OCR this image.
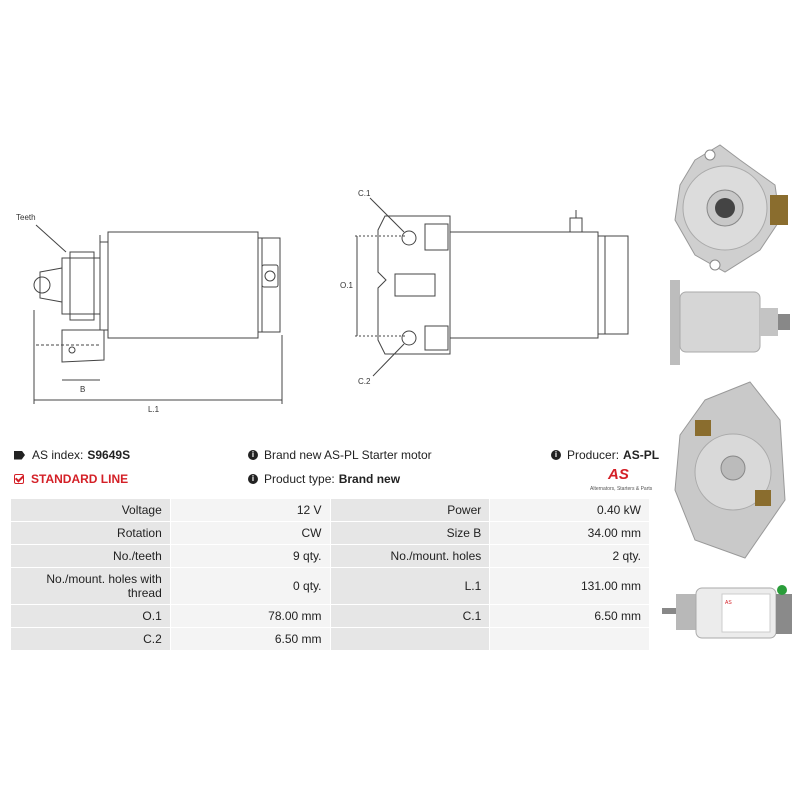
Teeth
B
L.1
C.1
O.1
C.2
AS
AS index: S9649S
STANDARD LINE
i Brand new AS-PL Starter motor
i Product type: Brand new
i Producer: AS-PL
AS
Alternators, Starters & Parts
Voltage	12 V	Power	0.40 kW
Rotation	CW	Size B	34.00 mm
No./teeth	9 qty.	No./mount. holes	2 qty.
No./mount. holes with thread	0 qty.	L.1	131.00 mm
O.1	78.00 mm	C.1	6.50 mm
C.2	6.50 mm		
